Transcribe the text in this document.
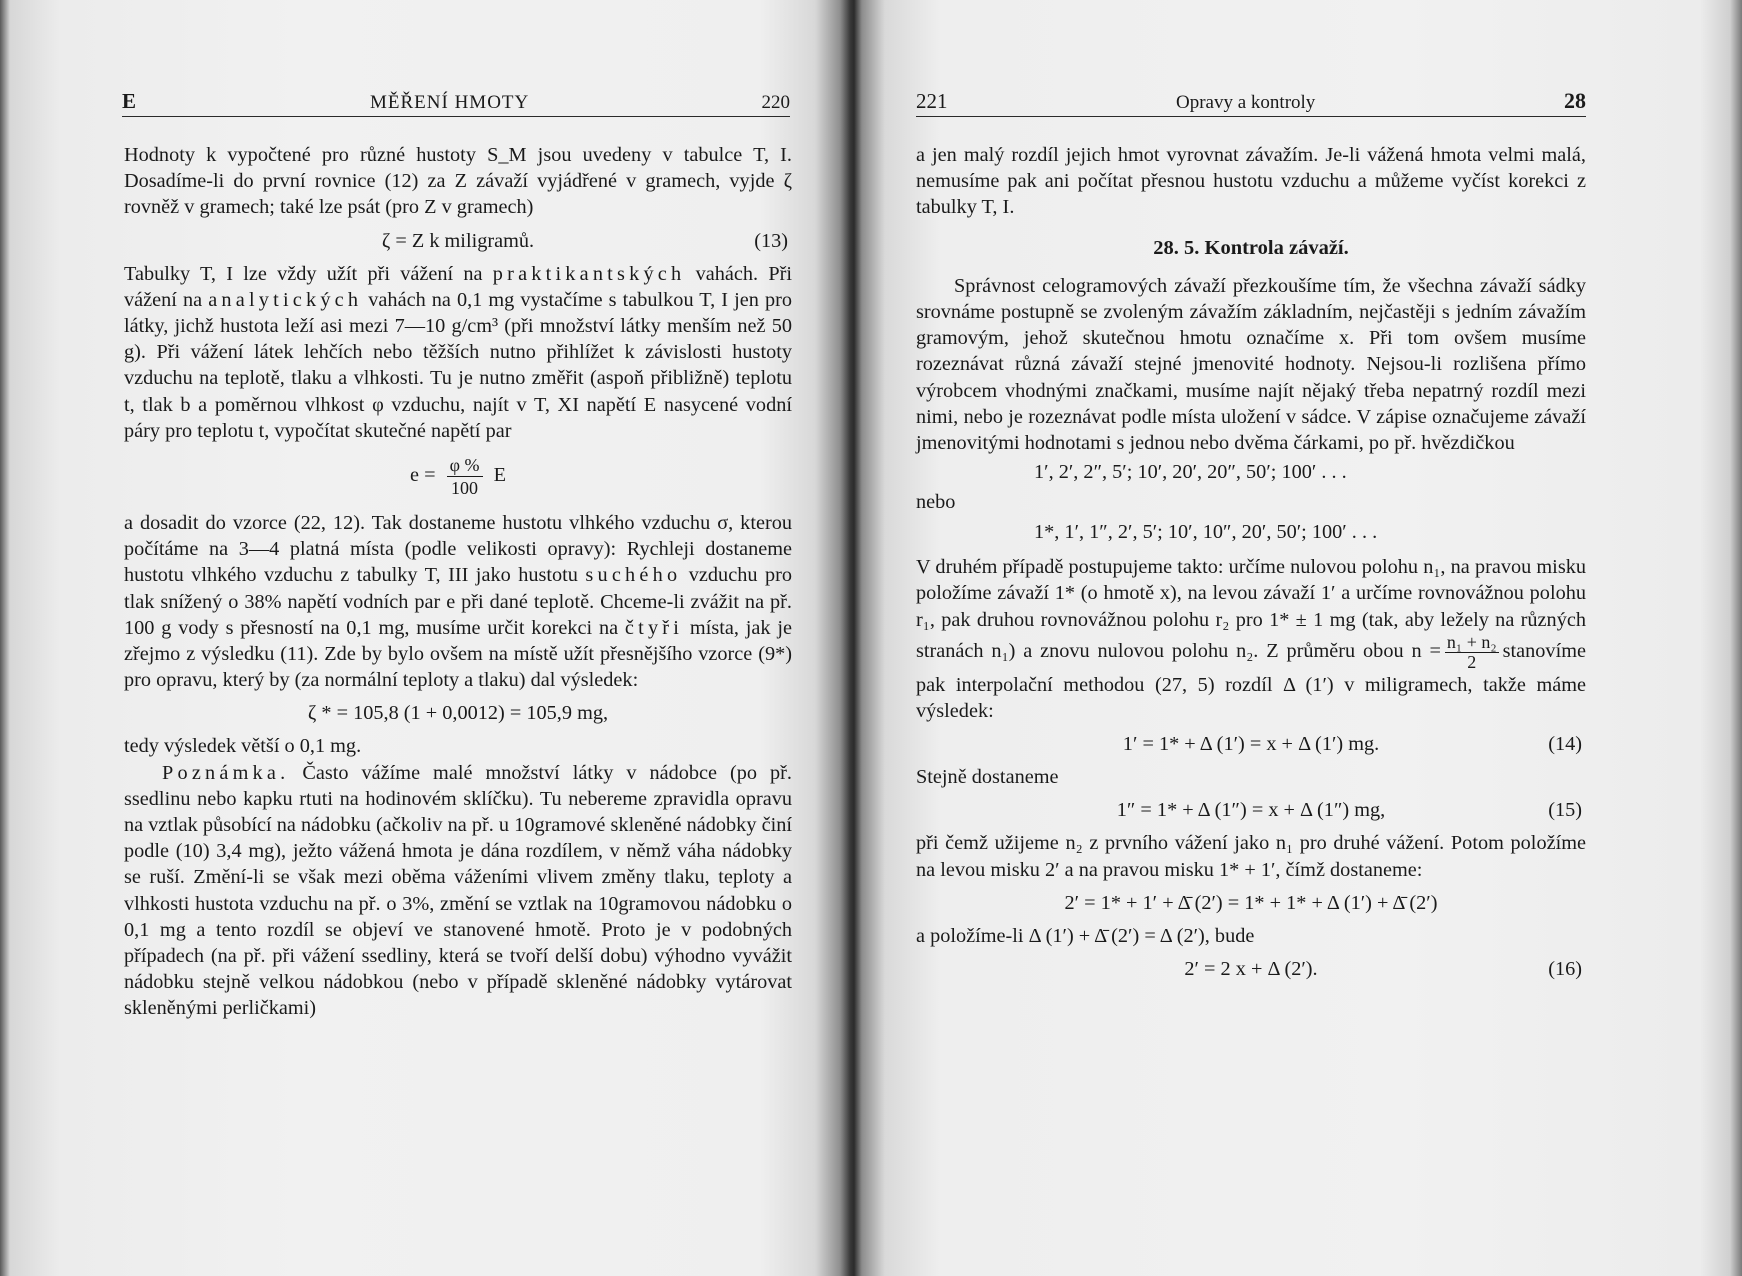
E	MĚŘENÍ HMOTY	220

Hodnoty k vypočtené pro různé hustoty S_M jsou uvedeny v tabulce T, I. Dosadíme-li do první rovnice (12) za Z závaží vyjádřené v gramech, vyjde ζ rovněž v gramech; také lze psát (pro Z v gramech)

ζ = Z k miligramů.	(13)

Tabulky T, I lze vždy užít při vážení na praktikantských vahách. Při vážení na analytických vahách na 0,1 mg vystačíme s tabulkou T, I jen pro látky, jichž hustota leží asi mezi 7—10 g/cm³ (při množství látky menším než 50 g). Při vážení látek lehčích nebo těžších nutno přihlížet k závislosti hustoty vzduchu na teplotě, tlaku a vlhkosti. Tu je nutno změřit (aspoň přibližně) teplotu t, tlak b a poměrnou vlhkost φ vzduchu, najít v T, XI napětí E nasycené vodní páry pro teplotu t, vypočítat skutečné napětí par

$e = \frac{\varphi \%}{100}$ E

a dosadit do vzorce (22, 12). Tak dostaneme hustotu vlhkého vzduchu σ, kterou počítáme na 3—4 platná místa (podle velikosti opravy): Rychleji dostaneme hustotu vlhkého vzduchu z tabulky T, III jako hustotu suchého vzduchu pro tlak snížený o 38% napětí vodních par e při dané teplotě. Chceme-li zvážit na př. 100 g vody s přesností na 0,1 mg, musíme určit korekci na čtyři místa, jak je zřejmo z výsledku (11). Zde by bylo ovšem na místě užít přesnějšího vzorce (9*) pro opravu, který by (za normální teploty a tlaku) dal výsledek:

ζ * = 105,8 (1 + 0,0012) = 105,9 mg,

tedy výsledek větší o 0,1 mg.

Poznámka. Často vážíme malé množství látky v nádobce (po př. ssedlinu nebo kapku rtuti na hodinovém sklíčku). Tu nebereme zpravidla opravu na vztlak působící na nádobku (ačkoliv na př. u 10gramové skleněné nádobky činí podle (10) 3,4 mg), ježto vážená hmota je dána rozdílem, v němž váha nádobky se ruší. Změní-li se však mezi oběma váženími vlivem změny tlaku, teploty a vlhkosti hustota vzduchu na př. o 3%, změní se vztlak na 10gramovou nádobku o 0,1 mg a tento rozdíl se objeví ve stanovené hmotě. Proto je v podobných případech (na př. při vážení ssedliny, která se tvoří delší dobu) výhodno vyvážit nádobku stejně velkou nádobkou (nebo v případě skleněné nádobky vytárovat skleněnými perličkami)

221	Opravy a kontroly	28

a jen malý rozdíl jejich hmot vyrovnat závažím. Je-li vážená hmota velmi malá, nemusíme pak ani počítat přesnou hustotu vzduchu a můžeme vyčíst korekci z tabulky T, I.

28. 5. Kontrola závaží.

Správnost celogramových závaží přezkoušíme tím, že všechna závaží sádky srovnáme postupně se zvoleným závažím základním, nejčastěji s jedním závažím gramovým, jehož skutečnou hmotu označíme x. Při tom ovšem musíme rozeznávat různá závaží stejné jmenovité hodnoty. Nejsou-li rozlišena přímo výrobcem vhodnými značkami, musíme najít nějaký třeba nepatrný rozdíl mezi nimi, nebo je rozeznávat podle místa uložení v sádce. V zápise označujeme závaží jmenovitými hodnotami s jednou nebo dvěma čárkami, po př. hvězdičkou

1′, 2′, 2″, 5′; 10′, 20′, 20″, 50′; 100′ . . .
nebo
1*, 1′, 1″, 2′, 5′; 10′, 10″, 20′, 50′; 100′ . . .

V druhém případě postupujeme takto: určíme nulovou polohu n₁, na pravou misku položíme závaží 1* (o hmotě x), na levou závaží 1′ a určíme rovnovážnou polohu r₁, pak druhou rovnovážnou polohu r₂ pro 1* ± 1 mg (tak, aby ležely na různých stranách n₁) a znovu nulovou polohu n₂. Z průměru obou $n = \frac{\text{n₁ + n₂}}{2}$ stanovíme pak interpolační methodou (27, 5) rozdíl Δ (1′) v miligramech, takže máme výsledek:

1′ = 1* + Δ (1′) = x + Δ (1′) mg.	(14)

Stejně dostaneme

1″ = 1* + Δ (1″) = x + Δ (1″) mg,	(15)

při čemž užijeme n₂ z prvního vážení jako n₁ pro druhé vážení. Potom položíme na levou misku 2′ a na pravou misku 1* + 1′, čímž dostaneme:

2′ = 1* + 1′ + Δ̄ (2′) = 1* + 1* + Δ (1′) + Δ̄ (2′)

a položíme-li Δ (1′) + Δ̄ (2′) = Δ (2′), bude

2′ = 2 x + Δ (2′).	(16)
